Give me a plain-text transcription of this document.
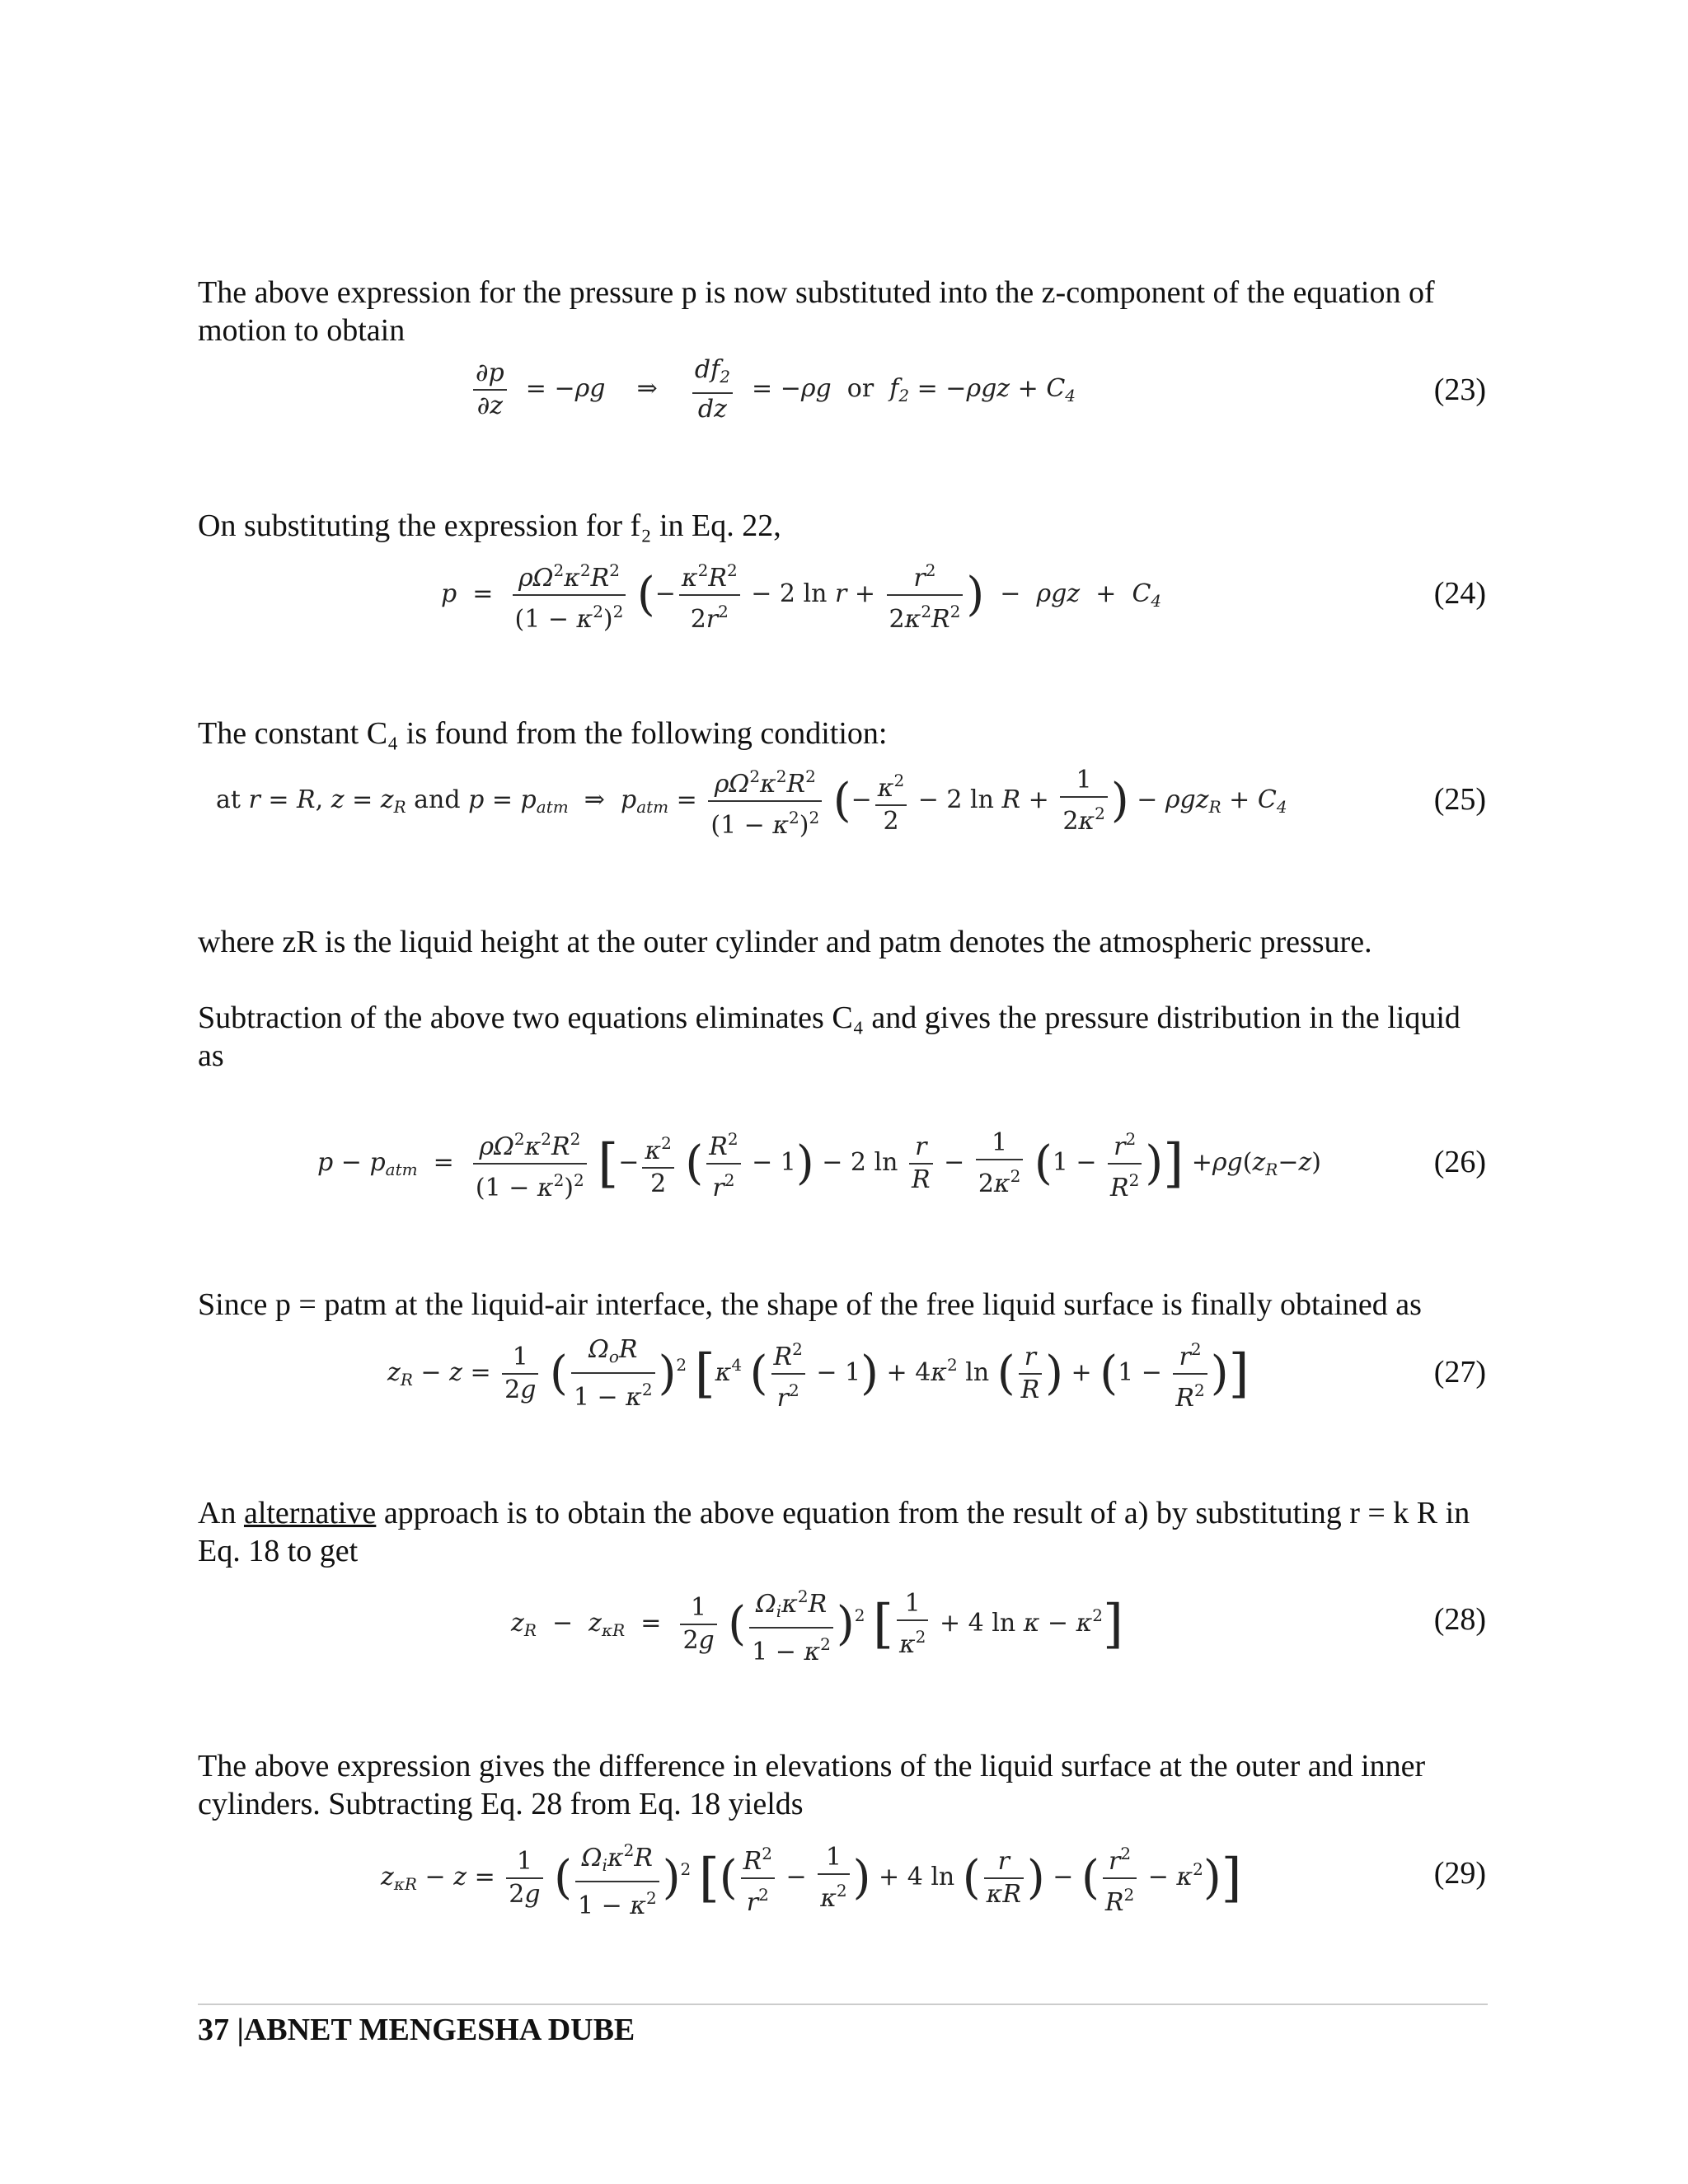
The above expression for the pressure p is now substituted into the z-component of the equation of motion to obtain

$\frac{\partial p}{\partial z} = -\rho g$    ⇒ $\frac{df_2}{dz} = -\rho g$  or  $f_2 = -\rho gz + C_4$	(23)

On substituting the expression for f₂ in Eq. 22,

$p = \frac{\rho\Omega^2\kappa^2R^2}{(1 - \kappa^2)^2}$ (− $\frac{\kappa^2R^2}{2r^2} - 2$ $\ln r + \frac{r^2}{2\kappa^2R^2}$ )  −  $\rho gz + C_4$	(24)

The constant C₄ is found from the following condition:

at r = R, $z = z_R$ and $p = p_{atm}$  ⇒  $p_{atm} = \frac{\rho\Omega^2\kappa^2R^2}{(1 - \kappa^2)^2}$ (− $\frac{\kappa^2}{2} - 2$ $\ln R + \frac{1}{2\kappa^2}$ ) − $\rho gz_R + C_4$	(25)

where zR is the liquid height at the outer cylinder and patm denotes the atmospheric pressure.

Subtraction of the above two equations eliminates C₄ and gives the pressure distribution in the liquid as

$p - p_{atm} = \frac{\rho\Omega^2\kappa^2R^2}{(1 - \kappa^2)^2}$ [− $\frac{\kappa^2}{2}$ ( $\frac{R^2}{r^2} - 1) - 2$ $\ln \frac{r}{R} - \frac{1}{2\kappa^2} (1 - \frac{r^2}{R^2}$ )] $+\rho g(z_R-z)$	(26)

Since p = patm at the liquid-air interface, the shape of the free liquid surface is finally obtained as

$z_R - z = \frac{1}{2g}$ ( $\frac{\Omega_oR}{1 - \kappa^2} )^2$ [$\kappa^4$ ( $\frac{R^2}{r^2} - 1) + 4\kappa^2$ ln ( $\frac{r}{R}$ ) + ($1 - \frac{r^2}{R^2}$ )]	(27)

An alternative approach is to obtain the above equation from the result of a) by substituting r = k R in Eq. 18 to get

$z_R - z_{\kappa R} = \frac{1}{2g}$ ( $\frac{\Omega_i\kappa^2R}{1 - \kappa^2} )^2$ [ $\frac{1}{\kappa^2} + 4$ $\ln \kappa - \kappa^2$]	(28)

The above expression gives the difference in elevations of the liquid surface at the outer and inner cylinders. Subtracting Eq. 28 from Eq. 18 yields

$z_{\kappa R} - z = \frac{1}{2g}$ ( $\frac{\Omega_i\kappa^2R}{1 - \kappa^2} )^2$ [( $\frac{R^2}{r^2} - \frac{1}{\kappa^2}$ ) + 4 ln ( $\frac{r}{\kappa R}$ ) − ( $\frac{r^2}{R^2} - \kappa^2$)]	(29)
37 |ABNET MENGESHA DUBE
